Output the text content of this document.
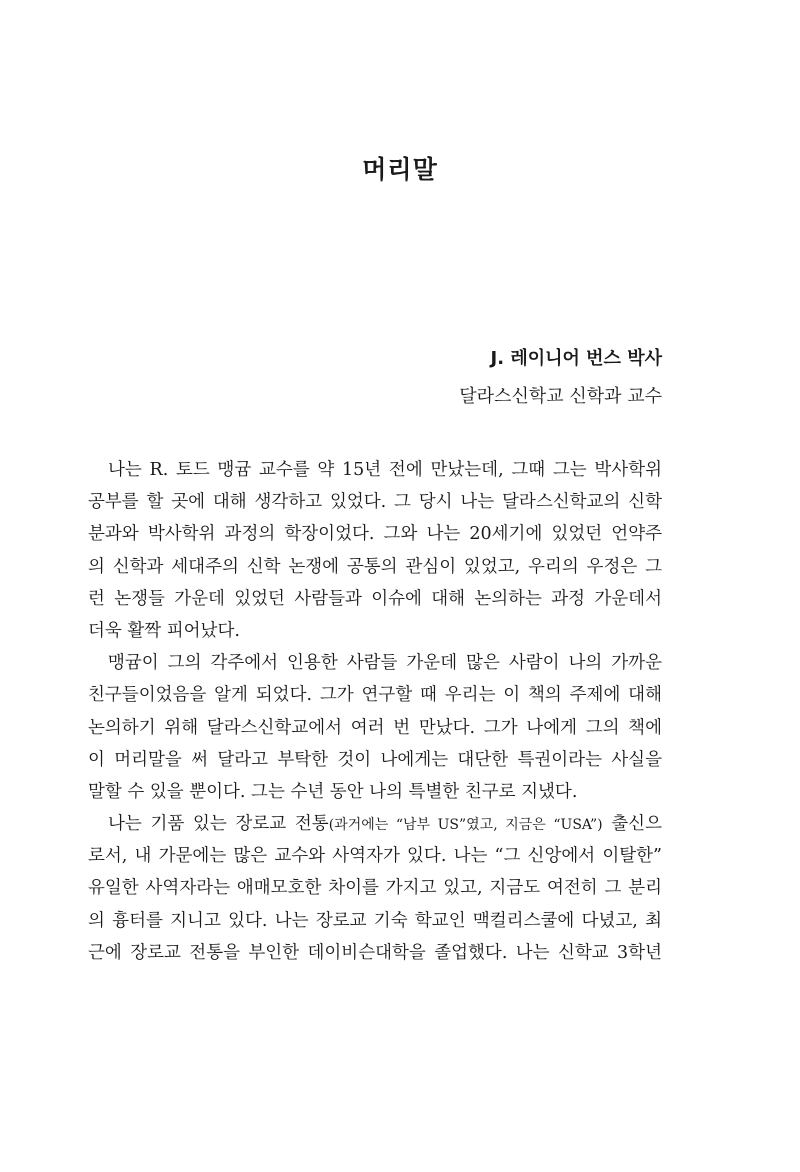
머리말

J. 레이니어 번스 박사

달라스신학교 신학과 교수

나는 R. 토드 맹귬 교수를 약 15년 전에 만났는데, 그때 그는 박사학위
공부를 할 곳에 대해 생각하고 있었다. 그 당시 나는 달라스신학교의 신학
분과와 박사학위 과정의 학장이었다. 그와 나는 20세기에 있었던 언약주
의 신학과 세대주의 신학 논쟁에 공통의 관심이 있었고, 우리의 우정은 그
런 논쟁들 가운데 있었던 사람들과 이슈에 대해 논의하는 과정 가운데서
더욱 활짝 피어났다.
맹귬이 그의 각주에서 인용한 사람들 가운데 많은 사람이 나의 가까운
친구들이었음을 알게 되었다. 그가 연구할 때 우리는 이 책의 주제에 대해
논의하기 위해 달라스신학교에서 여러 번 만났다. 그가 나에게 그의 책에
이 머리말을 써 달라고 부탁한 것이 나에게는 대단한 특권이라는 사실을
말할 수 있을 뿐이다. 그는 수년 동안 나의 특별한 친구로 지냈다.
나는 기품 있는 장로교 전통(과거에는 “남부 US”였고, 지금은 “USA”) 출신으
로서, 내 가문에는 많은 교수와 사역자가 있다. 나는 “그 신앙에서 이탈한”
유일한 사역자라는 애매모호한 차이를 가지고 있고, 지금도 여전히 그 분리
의 흉터를 지니고 있다. 나는 장로교 기숙 학교인 맥컬리스쿨에 다녔고, 최
근에 장로교 전통을 부인한 데이비슨대학을 졸업했다. 나는 신학교 3학년
